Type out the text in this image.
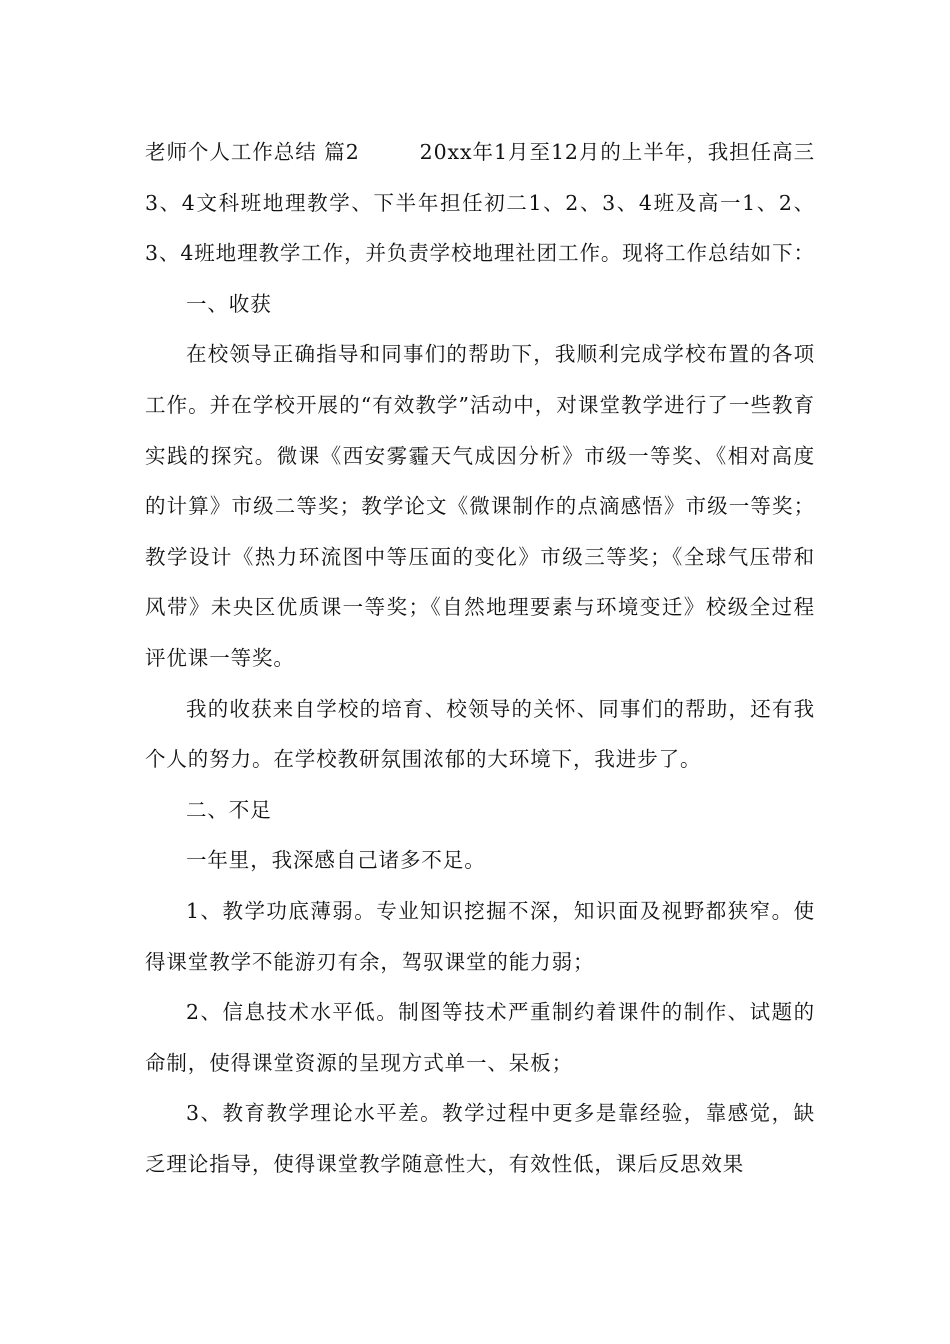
老师个人工作总结 篇2	20xx年1月至12月的上半年，我担任高三3、4文科班地理教学、下半年担任初二1、2、3、4班及高一1、2、3、4班地理教学工作，并负责学校地理社团工作。现将工作总结如下：

一、收获

在校领导正确指导和同事们的帮助下，我顺利完成学校布置的各项工作。并在学校开展的“有效教学”活动中，对课堂教学进行了一些教育实践的探究。微课《西安雾霾天气成因分析》市级一等奖、《相对高度的计算》市级二等奖；教学论文《微课制作的点滴感悟》市级一等奖；教学设计《热力环流图中等压面的变化》市级三等奖；《全球气压带和风带》未央区优质课一等奖；《自然地理要素与环境变迁》校级全过程评优课一等奖。

我的收获来自学校的培育、校领导的关怀、同事们的帮助，还有我个人的努力。在学校教研氛围浓郁的大环境下，我进步了。

二、不足

一年里，我深感自己诸多不足。

1、教学功底薄弱。专业知识挖掘不深，知识面及视野都狭窄。使得课堂教学不能游刃有余，驾驭课堂的能力弱；

2、信息技术水平低。制图等技术严重制约着课件的制作、试题的命制，使得课堂资源的呈现方式单一、呆板；

3、教育教学理论水平差。教学过程中更多是靠经验，靠感觉，缺乏理论指导，使得课堂教学随意性大，有效性低，课后反思效果
